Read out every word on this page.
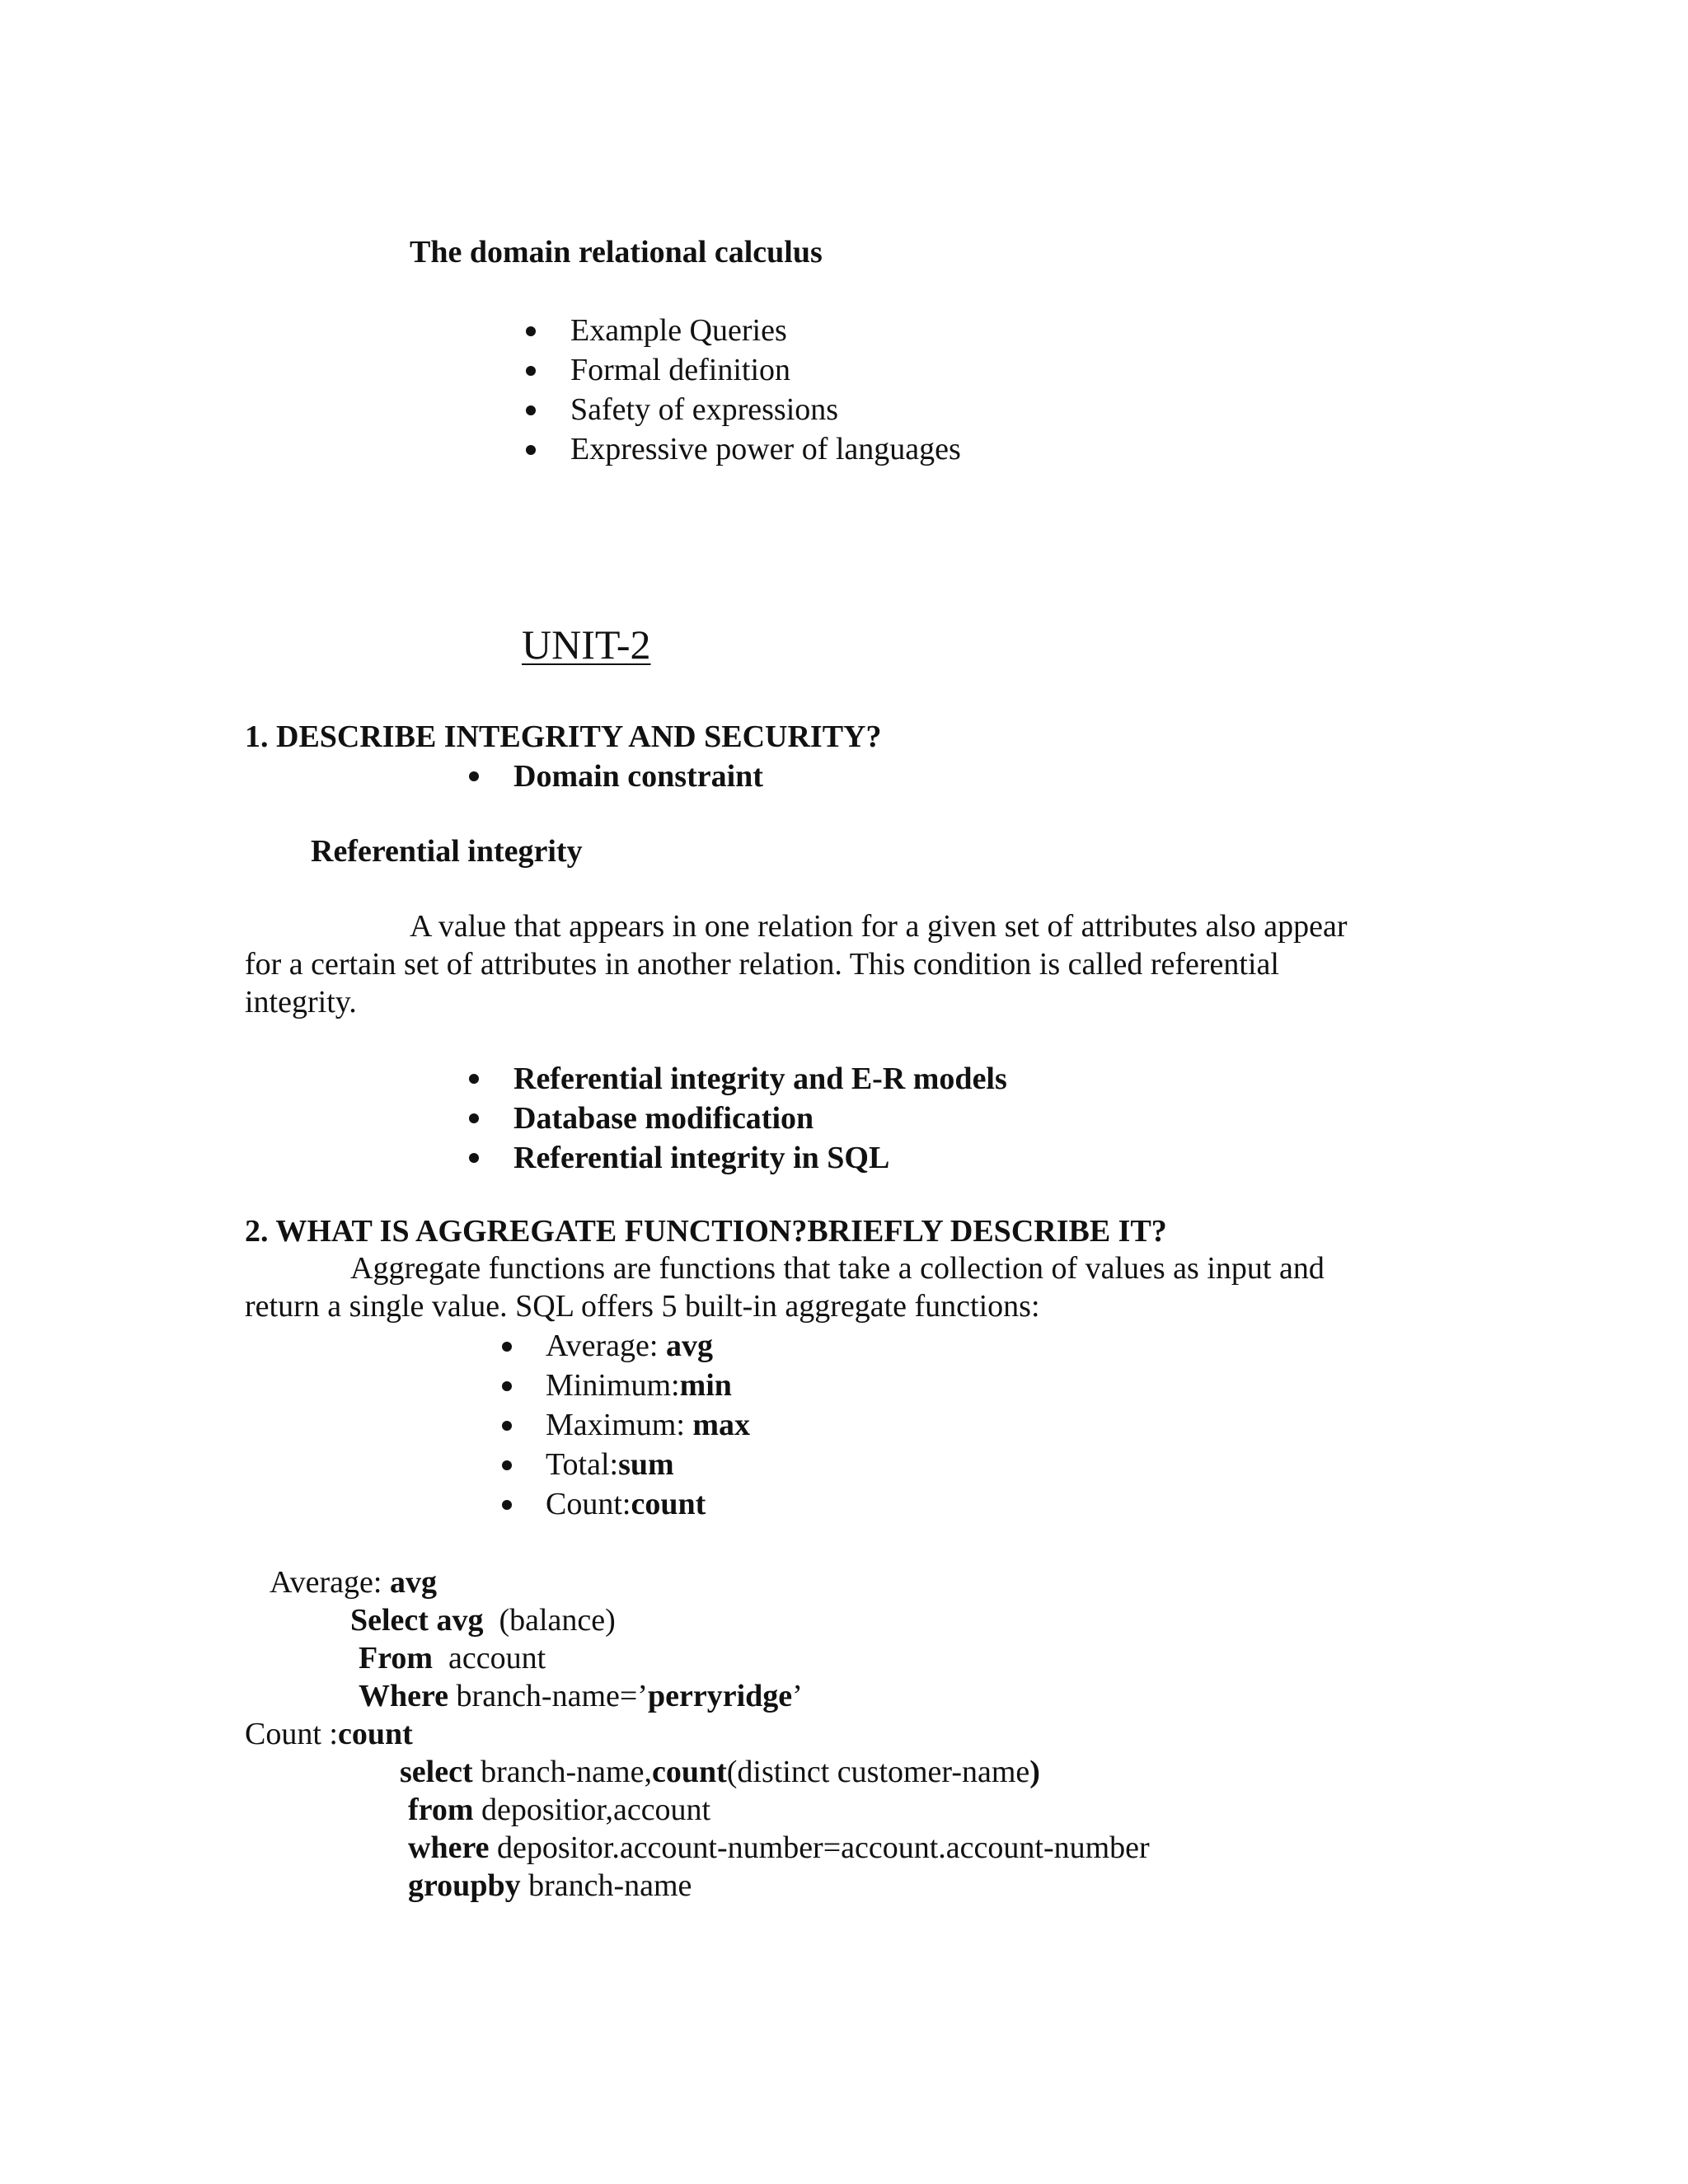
The domain relational calculus
Example Queries
Formal definition
Safety of expressions
Expressive power of languages
UNIT-2
1. DESCRIBE INTEGRITY AND SECURITY?
Domain constraint
Referential integrity
A value that appears in one relation for a given set of attributes also appear
for a certain set of attributes in another relation. This condition is called referential
integrity.
Referential integrity and E-R models
Database modification
Referential integrity in SQL
2. WHAT IS AGGREGATE FUNCTION?BRIEFLY DESCRIBE IT?
Aggregate functions are functions that take a collection of values as input and
return a single value. SQL offers 5 built-in aggregate functions:
Average: avg
Minimum:min
Maximum: max
Total:sum
Count:count
Average: avg
Select avg  (balance)
From  account
Where branch-name=’perryridge’
Count :count
select branch-name,count(distinct customer-name)
from depositior,account
where depositor.account-number=account.account-number
groupby branch-name
